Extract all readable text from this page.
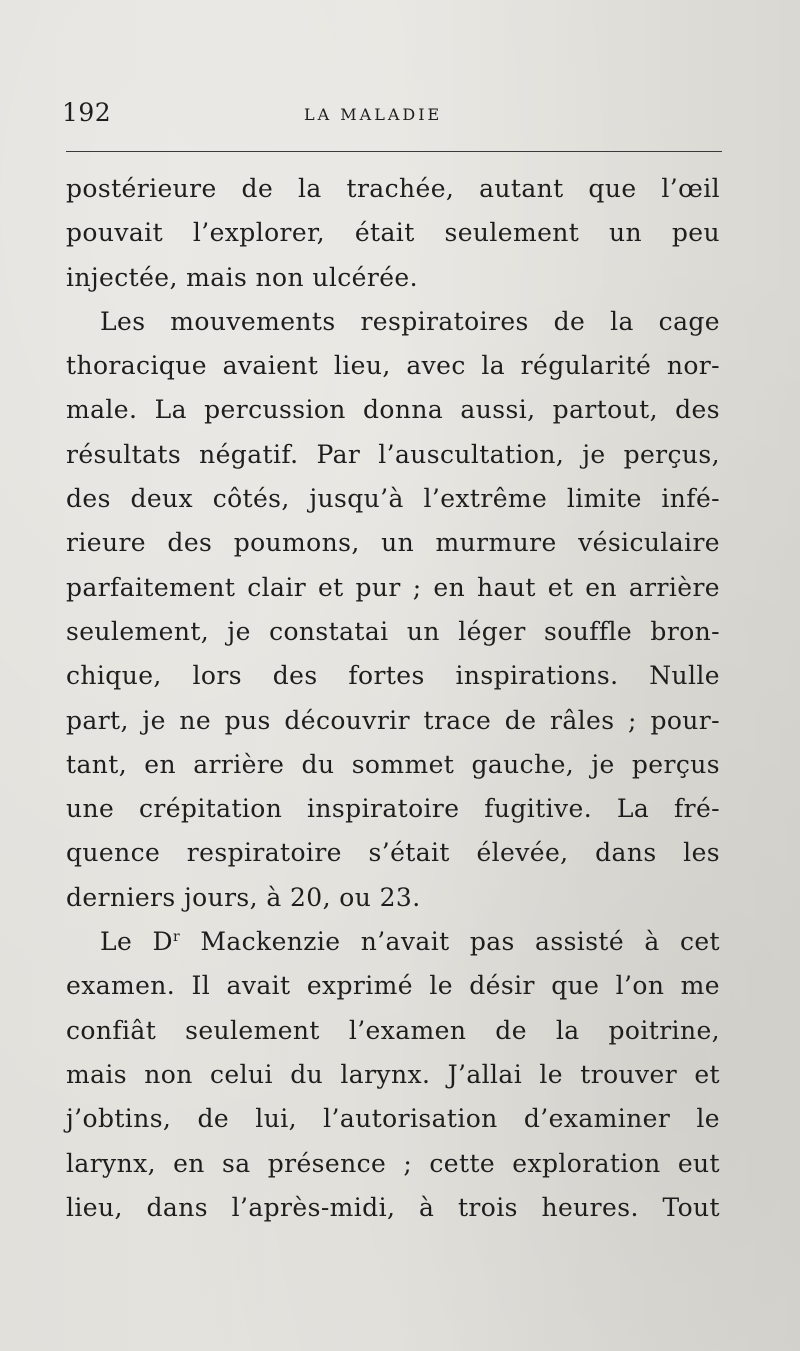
192	LA MALADIE
postérieure de la trachée, autant que l’œil
pouvait l’explorer, était seulement un peu
injectée, mais non ulcérée.
Les mouvements respiratoires de la cage
thoracique avaient lieu, avec la régularité nor-
male. La percussion donna aussi, partout, des
résultats négatif. Par l’auscultation, je perçus,
des deux côtés, jusqu’à l’extrême limite infé-
rieure des poumons, un murmure vésiculaire
parfaitement clair et pur ; en haut et en arrière
seulement, je constatai un léger souffle bron-
chique, lors des fortes inspirations. Nulle
part, je ne pus découvrir trace de râles ; pour-
tant, en arrière du sommet gauche, je perçus
une crépitation inspiratoire fugitive. La fré-
quence respiratoire s’était élevée, dans les
derniers jours, à 20, ou 23.
Le $D^r$ Mackenzie n’avait pas assisté à cet
examen. Il avait exprimé le désir que l’on me
confiât seulement l’examen de la poitrine,
mais non celui du larynx. J’allai le trouver et
j’obtins, de lui, l’autorisation d’examiner le
larynx, en sa présence ; cette exploration eut
lieu, dans l’après-midi, à trois heures. Tout
